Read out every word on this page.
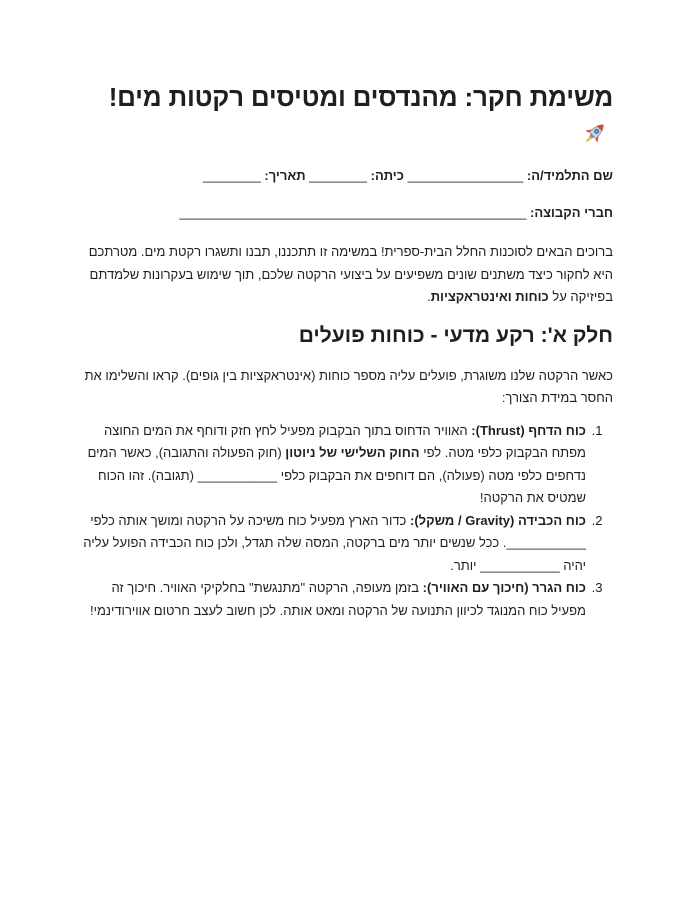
משימת חקר: מהנדסים ומטיסים רקטות מים!
שם התלמיד/ה: ________________ כיתה: ________ תאריך: ________
חברי הקבוצה: ________________________________________________

ברוכים הבאים לסוכנות החלל הבית-ספרית! במשימה זו תתכננו, תבנו ותשגרו רקטת מים. מטרתכם היא לחקור כיצד משתנים שונים משפיעים על ביצועי הרקטה שלכם, תוך שימוש בעקרונות שלמדתם בפיזיקה על כוחות ואינטראקציות.

חלק א': רקע מדעי - כוחות פועלים

כאשר הרקטה שלנו משוגרת, פועלים עליה מספר כוחות (אינטראקציות בין גופים). קראו והשלימו את החסר במידת הצורך:

1. כוח הדחף (Thrust): האוויר הדחוס בתוך הבקבוק מפעיל לחץ חזק ודוחף את המים החוצה מפתח הבקבוק כלפי מטה. לפי החוק השלישי של ניוטון (חוק הפעולה והתגובה), כאשר המים נדחפים כלפי מטה (פעולה), הם דוחפים את הבקבוק כלפי ___________ (תגובה). זהו הכוח שמטיס את הרקטה!
2. כוח הכבידה (Gravity / משקל): כדור הארץ מפעיל כוח משיכה על הרקטה ומושך אותה כלפי ___________. ככל שנשים יותר מים ברקטה, המסה שלה תגדל, ולכן כוח הכבידה הפועל עליה יהיה ___________ יותר.
3. כוח הגרר (חיכוך עם האוויר): בזמן מעופה, הרקטה "מתנגשת" בחלקיקי האוויר. חיכוך זה מפעיל כוח המנוגד לכיוון התנועה של הרקטה ומאט אותה. לכן חשוב לעצב חרטום אווירודינמי!
